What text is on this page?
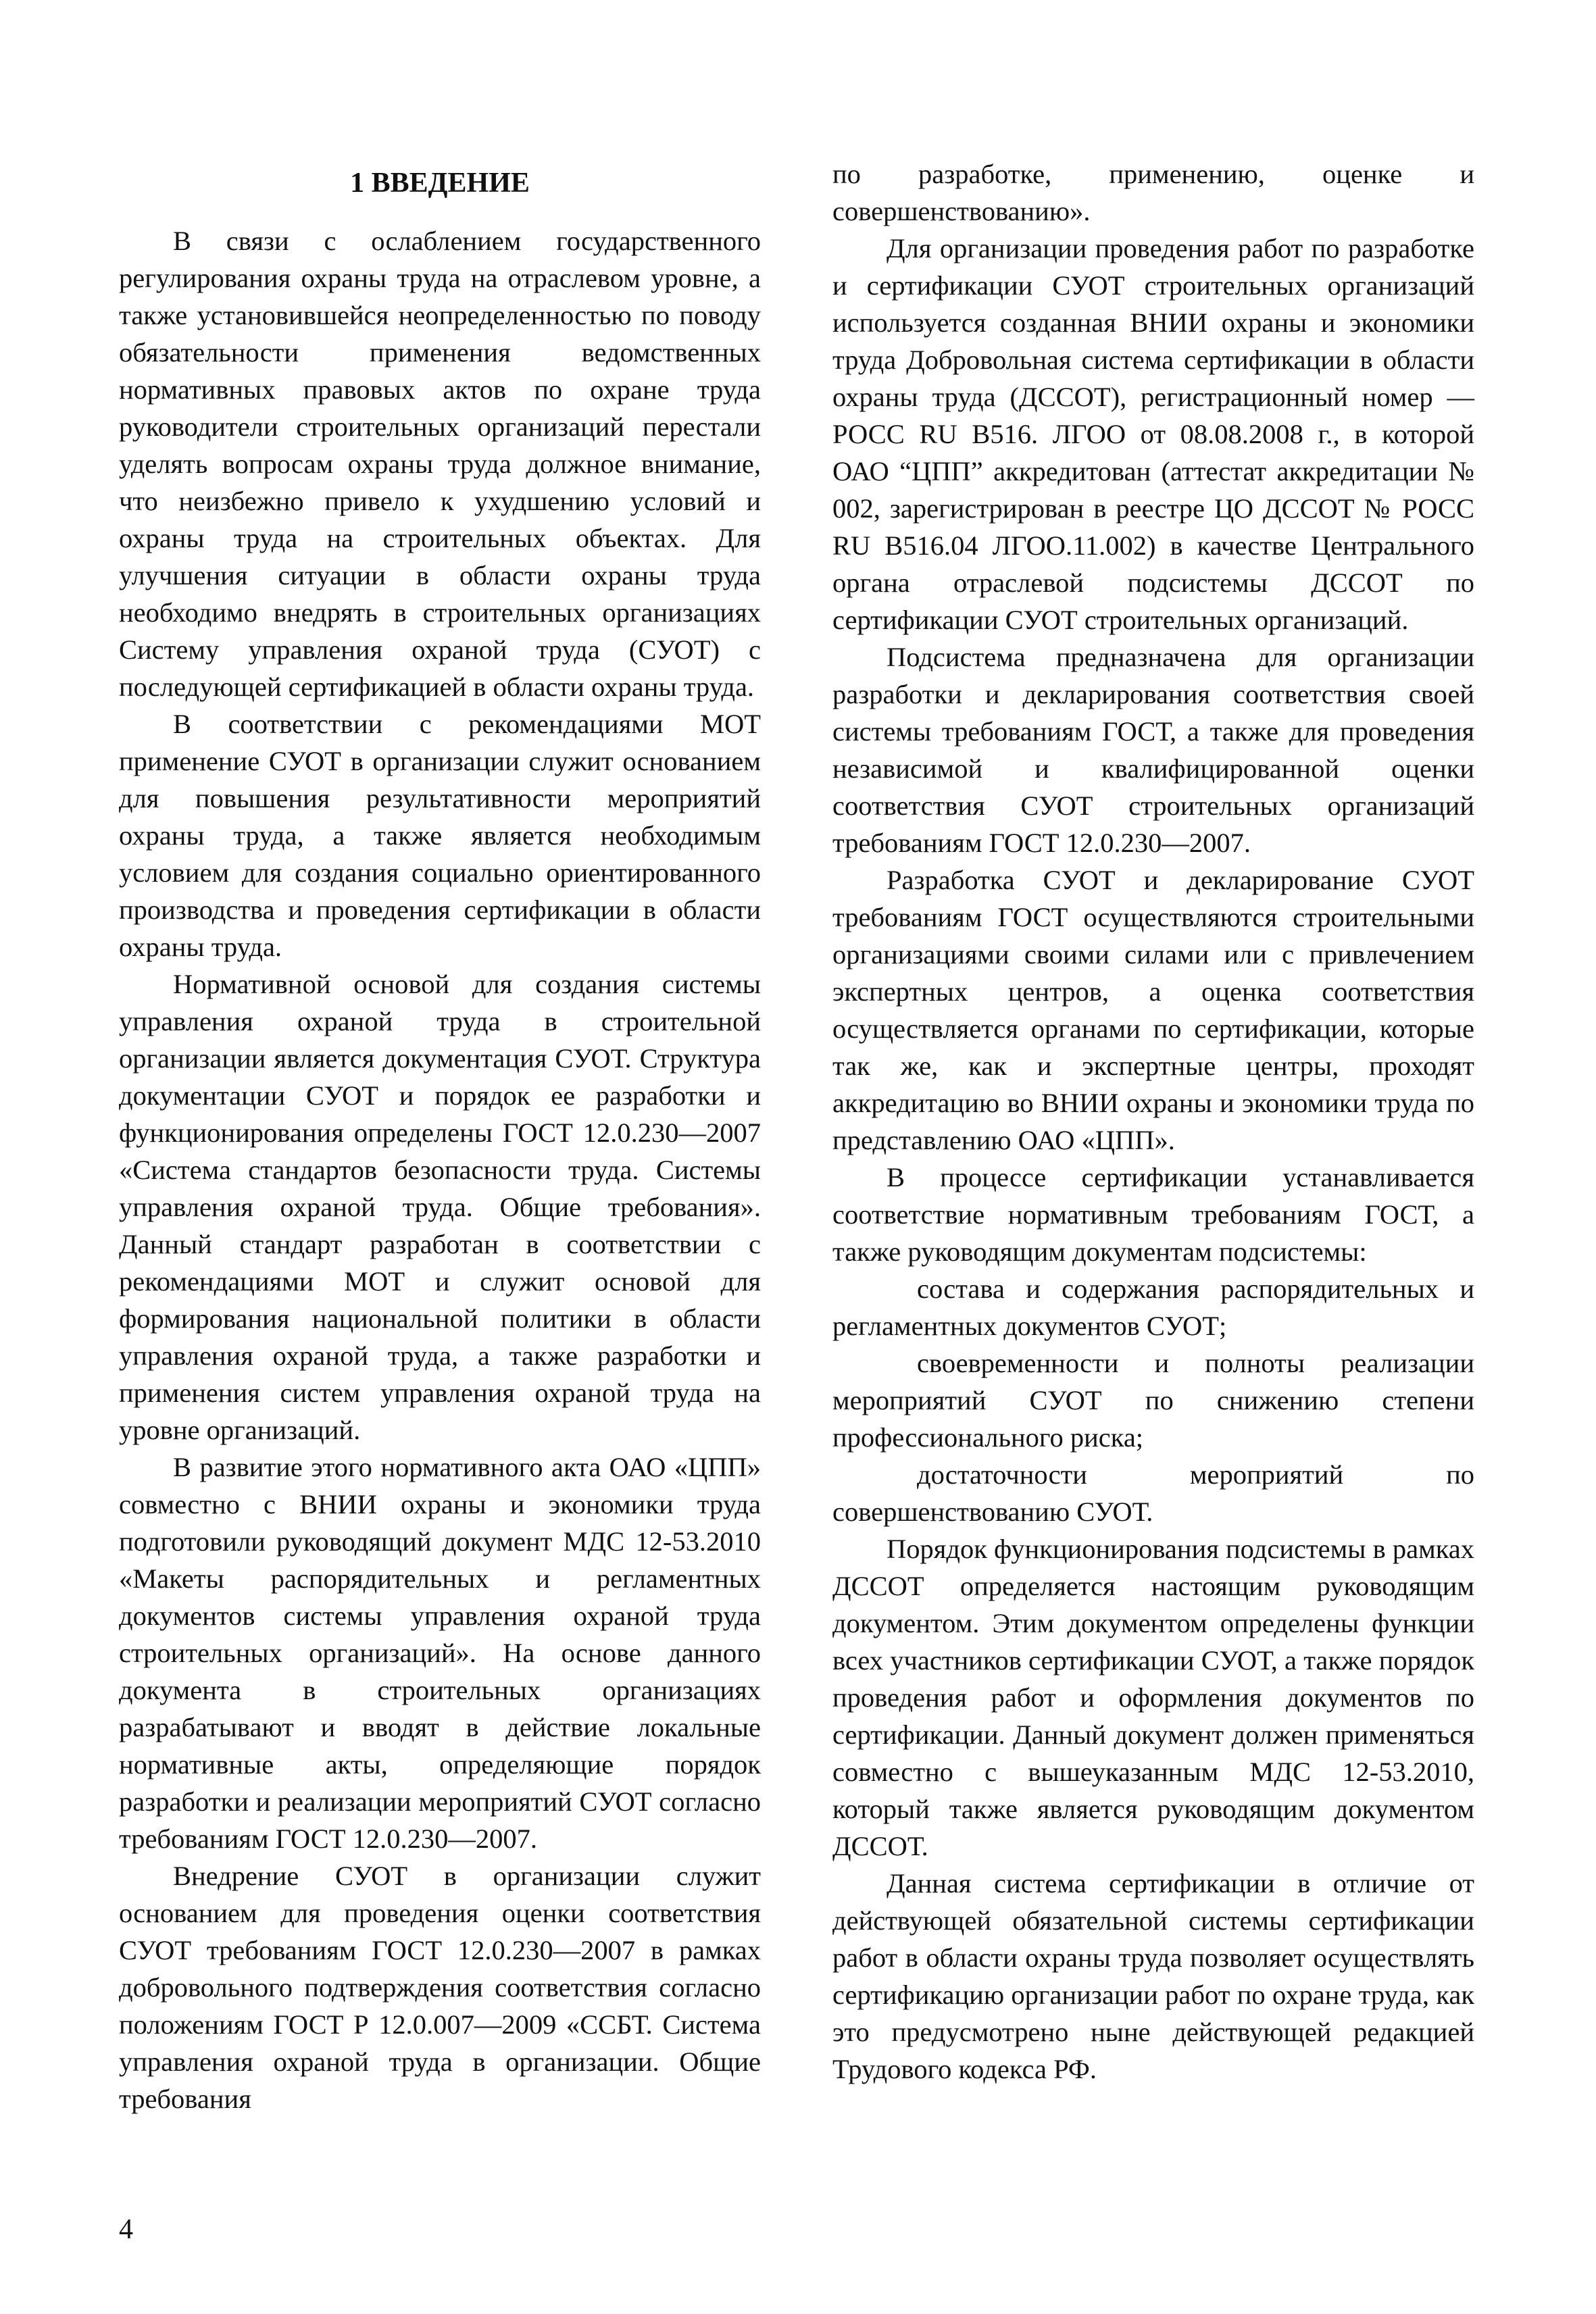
1 ВВЕДЕНИЕ

В связи с ослаблением государственного регулирования охраны труда на отраслевом уровне, а также установившейся неопределенностью по поводу обязательности применения ведомственных нормативных правовых актов по охране труда руководители строительных организаций перестали уделять вопросам охраны труда должное внимание, что неизбежно привело к ухудшению условий и охраны труда на строительных объектах. Для улучшения ситуации в области охраны труда необходимо внедрять в строительных организациях Систему управления охраной труда (СУОТ) с последующей сертификацией в области охраны труда.

В соответствии с рекомендациями МОТ применение СУОТ в организации служит основанием для повышения результативности мероприятий охраны труда, а также является необходимым условием для создания социально ориентированного производства и проведения сертификации в области охраны труда.

Нормативной основой для создания системы управления охраной труда в строительной организации является документация СУОТ. Структура документации СУОТ и порядок ее разработки и функционирования определены ГОСТ 12.0.230—2007 «Система стандартов безопасности труда. Системы управления охраной труда. Общие требования». Данный стандарт разработан в соответствии с рекомендациями МОТ и служит основой для формирования национальной политики в области управления охраной труда, а также разработки и применения систем управления охраной труда на уровне организаций.

В развитие этого нормативного акта ОАО «ЦПП» совместно с ВНИИ охраны и экономики труда подготовили руководящий документ МДС 12-53.2010 «Макеты распорядительных и регламентных документов системы управления охраной труда строительных организаций». На основе данного документа в строительных организациях разрабатывают и вводят в действие локальные нормативные акты, определяющие порядок разработки и реализации мероприятий СУОТ согласно требованиям ГОСТ 12.0.230—2007.

Внедрение СУОТ в организации служит основанием для проведения оценки соответствия СУОТ требованиям ГОСТ 12.0.230—2007 в рамках добровольного подтверждения соответствия согласно положениям ГОСТ Р 12.0.007—2009 «ССБТ. Система управления охраной труда в организации. Общие требования

по разработке, применению, оценке и совершенствованию».

Для организации проведения работ по разработке и сертификации СУОТ строительных организаций используется созданная ВНИИ охраны и экономики труда Добровольная система сертификации в области охраны труда (ДССОТ), регистрационный номер — РОСС RU B516. ЛГОО от 08.08.2008 г., в которой ОАО “ЦПП” аккредитован (аттестат аккредитации № 002, зарегистрирован в реестре ЦО ДССОТ № РОСС RU B516.04 ЛГОО.11.002) в качестве Центрального органа отраслевой подсистемы ДССОТ по сертификации СУОТ строительных организаций.

Подсистема предназначена для организации разработки и декларирования соответствия своей системы требованиям ГОСТ, а также для проведения независимой и квалифицированной оценки соответствия СУОТ строительных организаций требованиям ГОСТ 12.0.230—2007.

Разработка СУОТ и декларирование СУОТ требованиям ГОСТ осуществляются строительными организациями своими силами или с привлечением экспертных центров, а оценка соответствия осуществляется органами по сертификации, которые так же, как и экспертные центры, проходят аккредитацию во ВНИИ охраны и экономики труда по представлению ОАО «ЦПП».

В процессе сертификации устанавливается соответствие нормативным требованиям ГОСТ, а также руководящим документам подсистемы:

состава и содержания распорядительных и регламентных документов СУОТ;

своевременности и полноты реализации мероприятий СУОТ по снижению степени профессионального риска;

достаточности мероприятий по совершенствованию СУОТ.

Порядок функционирования подсистемы в рамках ДССОТ определяется настоящим руководящим документом. Этим документом определены функции всех участников сертификации СУОТ, а также порядок проведения работ и оформления документов по сертификации. Данный документ должен применяться совместно с вышеуказанным МДС 12-53.2010, который также является руководящим документом ДССОТ.

Данная система сертификации в отличие от действующей обязательной системы сертификации работ в области охраны труда позволяет осуществлять сертификацию организации работ по охране труда, как это предусмотрено ныне действующей редакцией Трудового кодекса РФ.

4
